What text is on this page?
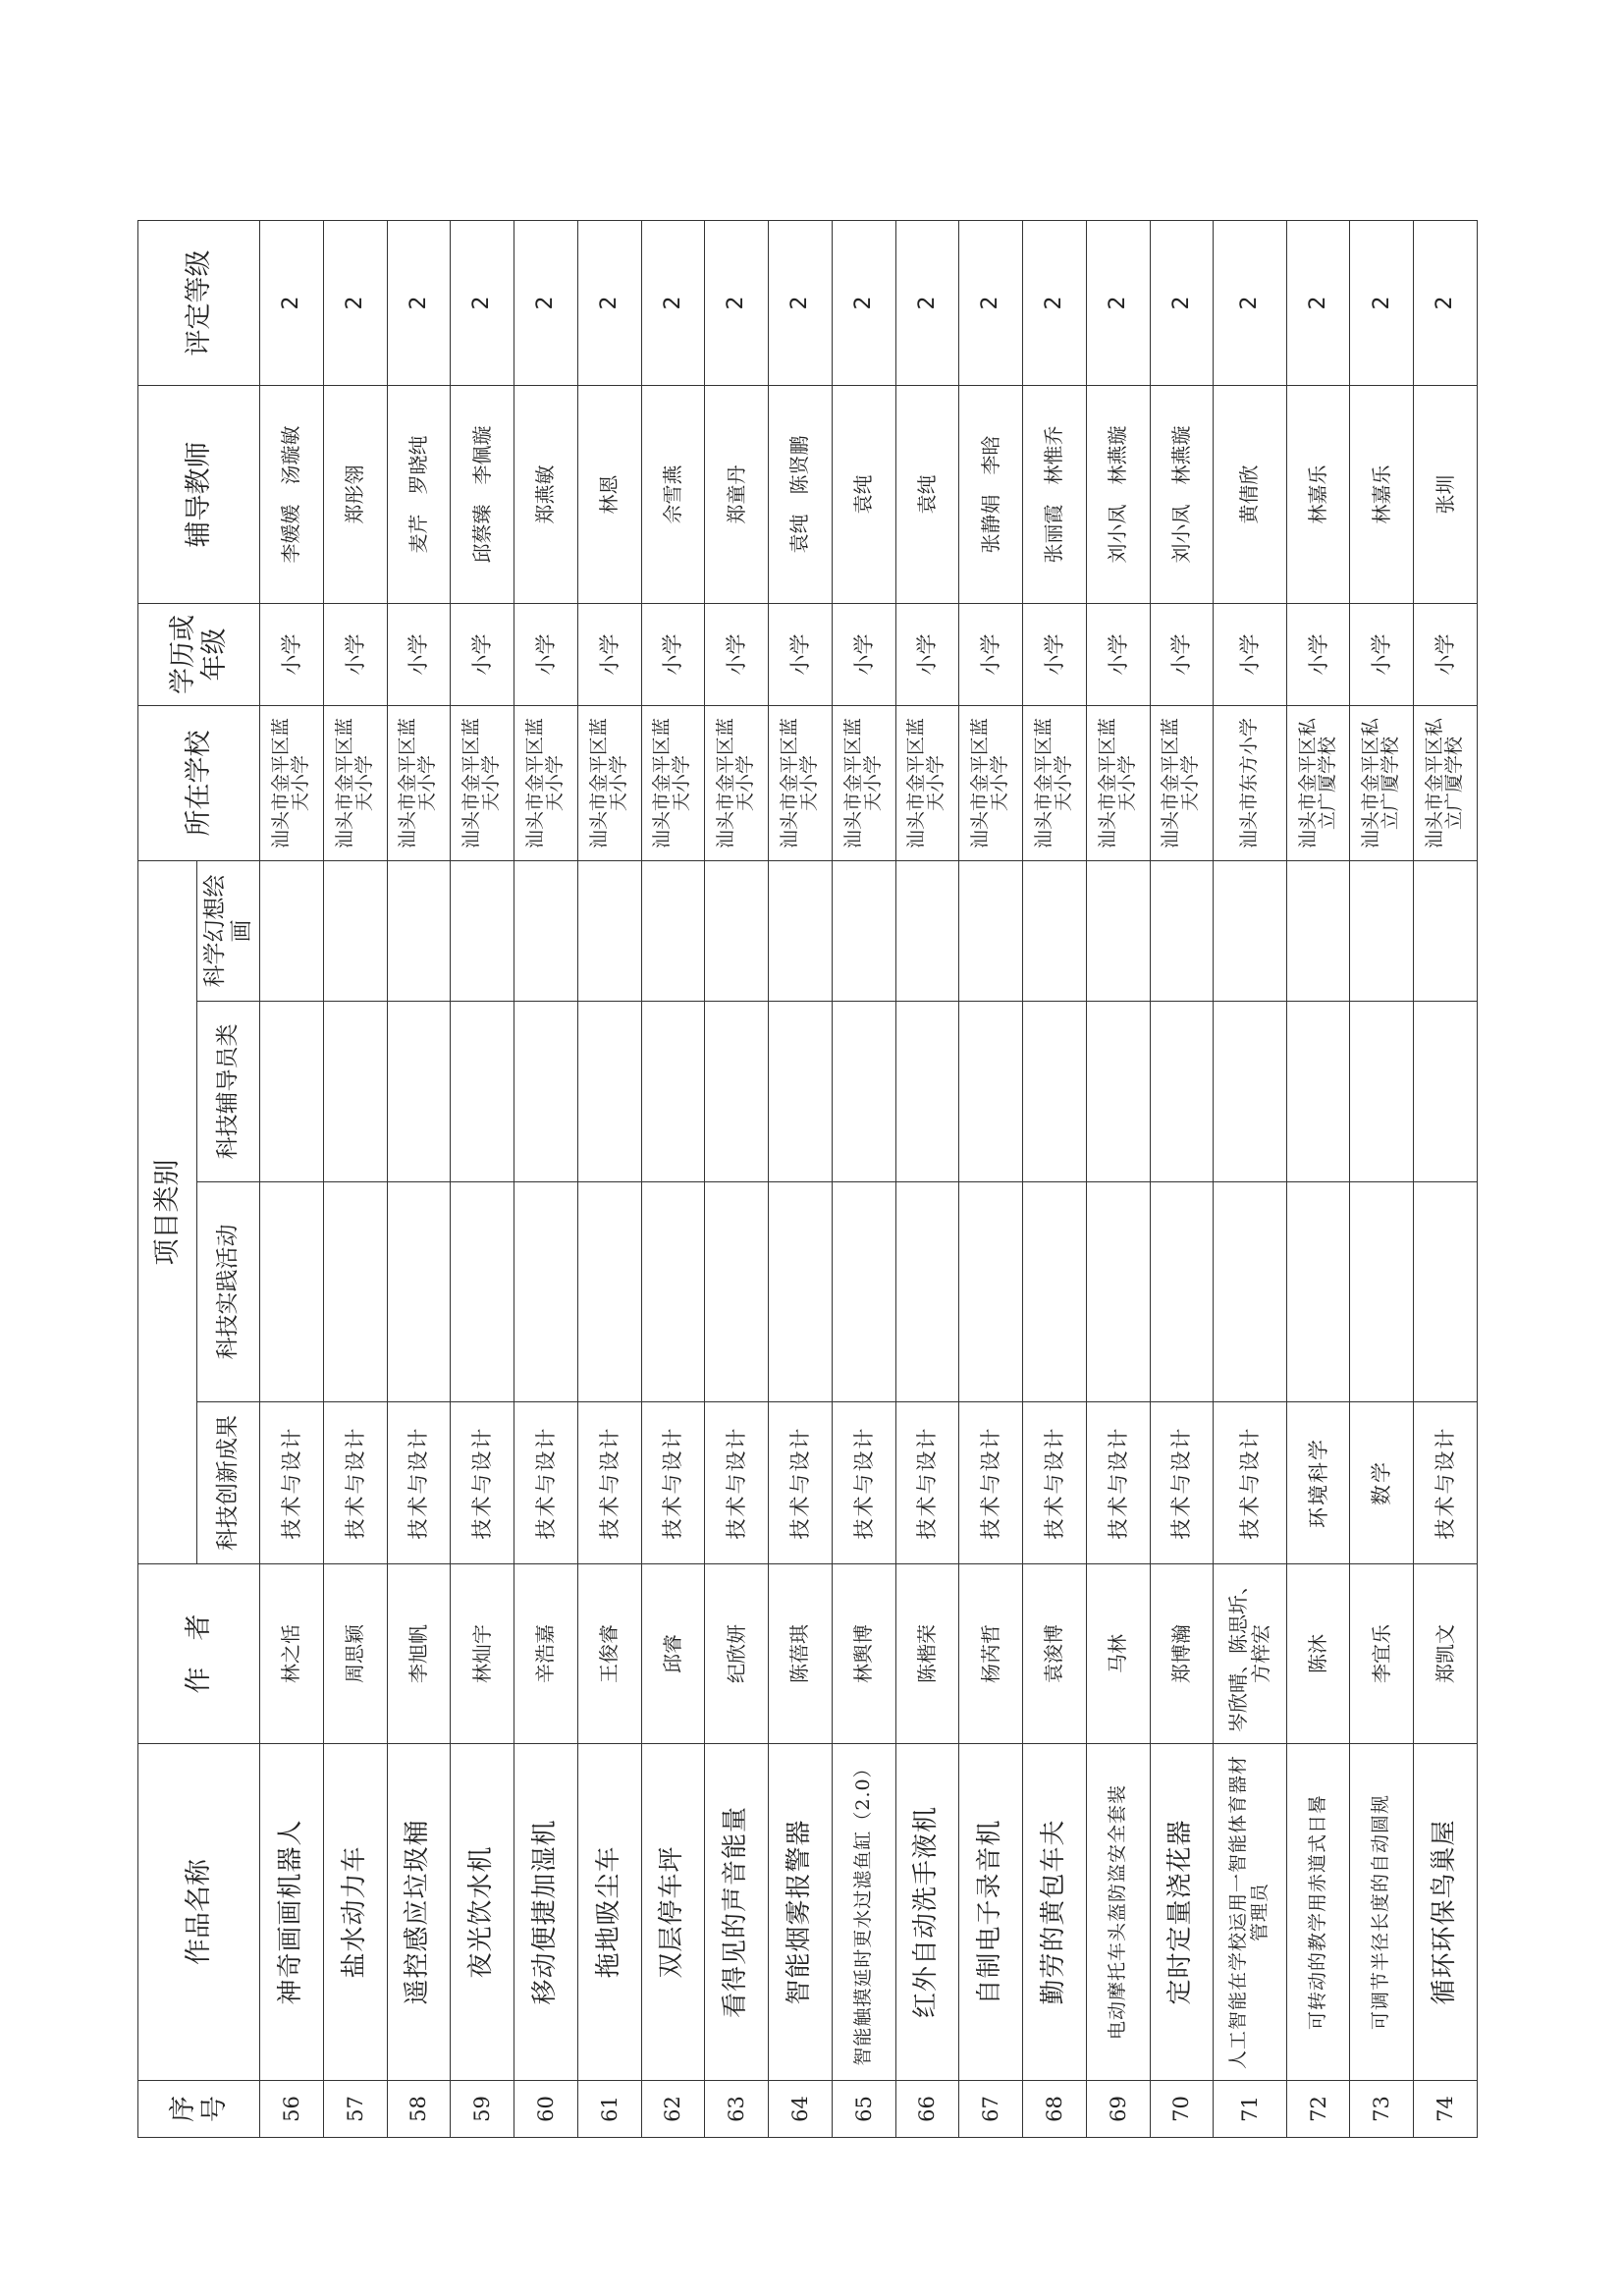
序号	作品名称	作　者	项目类别				所在学校	学历或年级	辅导教师	评定等级
			科技创新成果	科技实践活动	科技辅导员类	科学幻想绘画				
56	神奇画画机器人	林之恬	技术与设计				汕头市金平区蓝天小学	小学	李媛媛　汤璇敏	2
57	盐水动力车	周思颖	技术与设计				汕头市金平区蓝天小学	小学	郑彤翎	2
58	遥控感应垃圾桶	李旭帆	技术与设计				汕头市金平区蓝天小学	小学	麦芹　罗晓纯	2
59	夜光饮水机	林灿宇	技术与设计				汕头市金平区蓝天小学	小学	邱蔡臻　李佩璇	2
60	移动便捷加湿机	辛浩嘉	技术与设计				汕头市金平区蓝天小学	小学	郑燕敏	2
61	拖地吸尘车	王俊睿	技术与设计				汕头市金平区蓝天小学	小学	林恩	2
62	双层停车坪	邱睿	技术与设计				汕头市金平区蓝天小学	小学	佘雪燕	2
63	看得见的声音能量	纪欣妍	技术与设计				汕头市金平区蓝天小学	小学	郑童丹	2
64	智能烟雾报警器	陈蓓琪	技术与设计				汕头市金平区蓝天小学	小学	袁纯　陈贤鹏	2
65	智能触摸延时更水过滤鱼缸（2.0）	林舆博	技术与设计				汕头市金平区蓝天小学	小学	袁纯	2
66	红外自动洗手液机	陈楷荣	技术与设计				汕头市金平区蓝天小学	小学	袁纯	2
67	自制电子录音机	杨芮哲	技术与设计				汕头市金平区蓝天小学	小学	张静娟　李晗	2
68	勤劳的黄包车夫	袁浚博	技术与设计				汕头市金平区蓝天小学	小学	张丽霞　林惟乔	2
69	电动摩托车头盔防盗安全套装	马林	技术与设计				汕头市金平区蓝天小学	小学	刘小凤　林燕璇	2
70	定时定量浇花器	郑博瀚	技术与设计				汕头市金平区蓝天小学	小学	刘小凤　林燕璇	2
71	人工智能在学校运用一智能体育器材管理员	岑欣晴、陈思圻、方梓宏	技术与设计				汕头市东方小学	小学	黄倩欣	2
72	可转动的教学用赤道式日晷	陈沐	环境科学				汕头市金平区私立广厦学校	小学	林嘉乐	2
73	可调节半径长度的自动圆规	李宜乐	数学				汕头市金平区私立广厦学校	小学	林嘉乐	2
74	循环环保鸟巢屋	郑凯文	技术与设计				汕头市金平区私立广厦学校	小学	张圳	2
